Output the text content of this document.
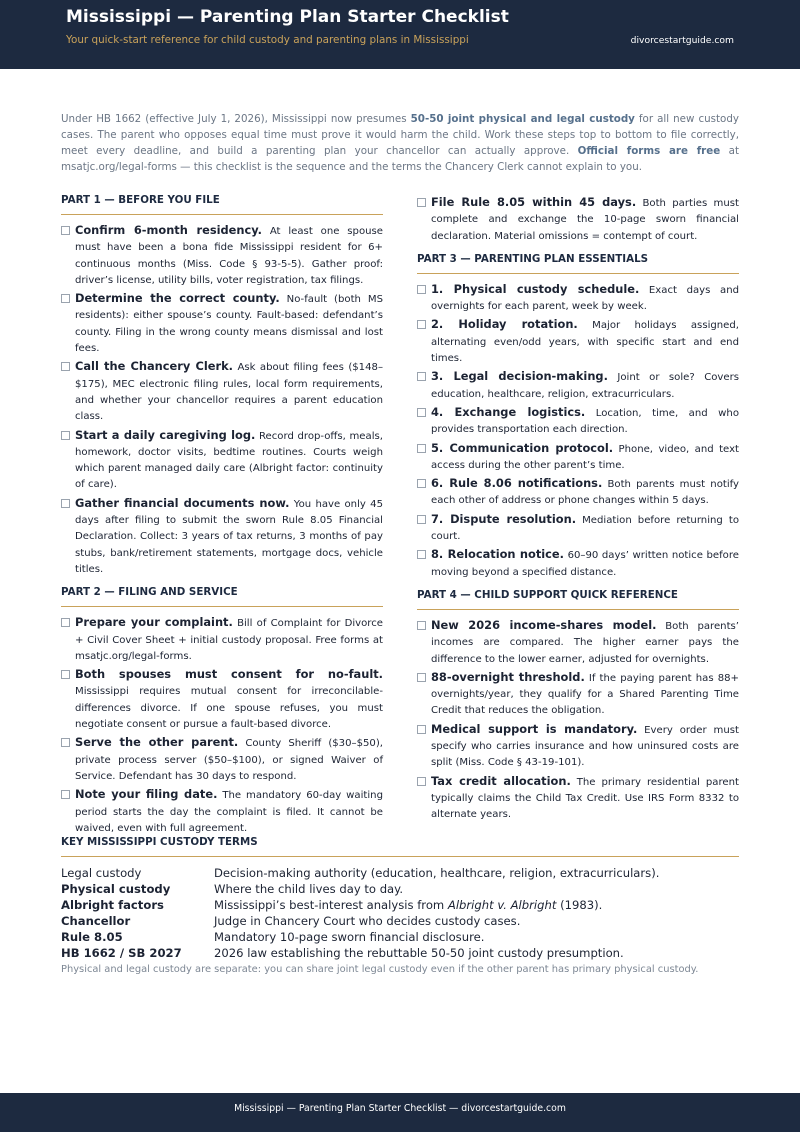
Mississippi — Parenting Plan Starter Checklist
Your quick-start reference for child custody and parenting plans in Mississippi	divorcestartguide.com

Under HB 1662 (effective July 1, 2026), Mississippi now presumes 50-50 joint physical and legal custody for all new custody cases. The parent who opposes equal time must prove it would harm the child. Work these steps top to bottom to file correctly, meet every deadline, and build a parenting plan your chancellor can actually approve. Official forms are free at msatjc.org/legal-forms — this checklist is the sequence and the terms the Chancery Clerk cannot explain to you.

PART 1 — BEFORE YOU FILE
Confirm 6-month residency. At least one spouse must have been a bona fide Mississippi resident for 6+ continuous months (Miss. Code § 93-5-5). Gather proof: driver’s license, utility bills, voter registration, tax filings.
Determine the correct county. No-fault (both MS residents): either spouse’s county. Fault-based: defendant’s county. Filing in the wrong county means dismissal and lost fees.
Call the Chancery Clerk. Ask about filing fees ($148–$175), MEC electronic filing rules, local form requirements, and whether your chancellor requires a parent education class.
Start a daily caregiving log. Record drop-offs, meals, homework, doctor visits, bedtime routines. Courts weigh which parent managed daily care (Albright factor: continuity of care).
Gather financial documents now. You have only 45 days after filing to submit the sworn Rule 8.05 Financial Declaration. Collect: 3 years of tax returns, 3 months of pay stubs, bank/retirement statements, mortgage docs, vehicle titles.
PART 2 — FILING AND SERVICE
Prepare your complaint. Bill of Complaint for Divorce + Civil Cover Sheet + initial custody proposal. Free forms at msatjc.org/legal-forms.
Both spouses must consent for no-fault. Mississippi requires mutual consent for irreconcilable-differences divorce. If one spouse refuses, you must negotiate consent or pursue a fault-based divorce.
Serve the other parent. County Sheriff ($30–$50), private process server ($50–$100), or signed Waiver of Service. Defendant has 30 days to respond.
Note your filing date. The mandatory 60-day waiting period starts the day the complaint is filed. It cannot be waived, even with full agreement.
File Rule 8.05 within 45 days. Both parties must complete and exchange the 10-page sworn financial declaration. Material omissions = contempt of court.
PART 3 — PARENTING PLAN ESSENTIALS
1. Physical custody schedule. Exact days and overnights for each parent, week by week.
2. Holiday rotation. Major holidays assigned, alternating even/odd years, with specific start and end times.
3. Legal decision-making. Joint or sole? Covers education, healthcare, religion, extracurriculars.
4. Exchange logistics. Location, time, and who provides transportation each direction.
5. Communication protocol. Phone, video, and text access during the other parent’s time.
6. Rule 8.06 notifications. Both parents must notify each other of address or phone changes within 5 days.
7. Dispute resolution. Mediation before returning to court.
8. Relocation notice. 60–90 days’ written notice before moving beyond a specified distance.
PART 4 — CHILD SUPPORT QUICK REFERENCE
New 2026 income-shares model. Both parents’ incomes are compared. The higher earner pays the difference to the lower earner, adjusted for overnights.
88-overnight threshold. If the paying parent has 88+ overnights/year, they qualify for a Shared Parenting Time Credit that reduces the obligation.
Medical support is mandatory. Every order must specify who carries insurance and how uninsured costs are split (Miss. Code § 43-19-101).
Tax credit allocation. The primary residential parent typically claims the Child Tax Credit. Use IRS Form 8332 to alternate years.
KEY MISSISSIPPI CUSTODY TERMS
Legal custody	Decision-making authority (education, healthcare, religion, extracurriculars).
Physical custody	Where the child lives day to day.
Albright factors	Mississippi’s best-interest analysis from Albright v. Albright (1983).
Chancellor	Judge in Chancery Court who decides custody cases.
Rule 8.05	Mandatory 10-page sworn financial disclosure.
HB 1662 / SB 2027	2026 law establishing the rebuttable 50-50 joint custody presumption.
Physical and legal custody are separate: you can share joint legal custody even if the other parent has primary physical custody.
Mississippi — Parenting Plan Starter Checklist — divorcestartguide.com
